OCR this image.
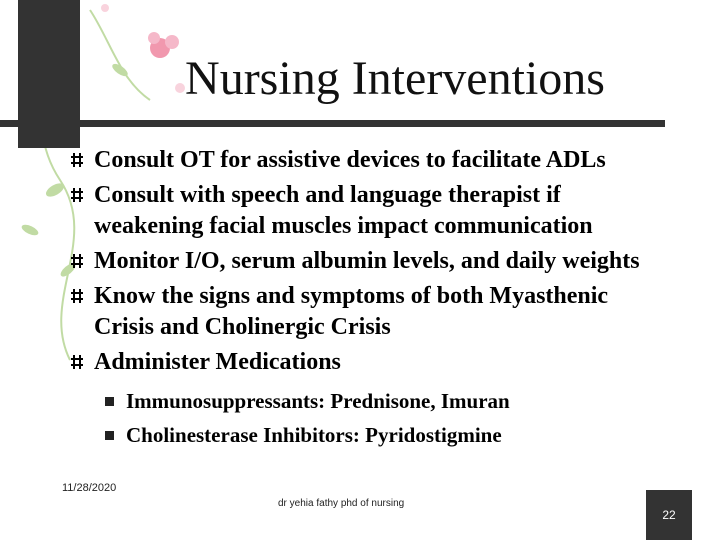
Nursing Interventions
Consult OT for assistive devices to facilitate ADLs
Consult with speech and language therapist if weakening facial muscles impact communication
Monitor I/O, serum albumin levels, and daily weights
Know the signs and symptoms of both Myasthenic Crisis and Cholinergic Crisis
Administer Medications
Immunosuppressants: Prednisone, Imuran
Cholinesterase Inhibitors: Pyridostigmine
11/28/2020
dr yehia fathy phd of nursing
22
